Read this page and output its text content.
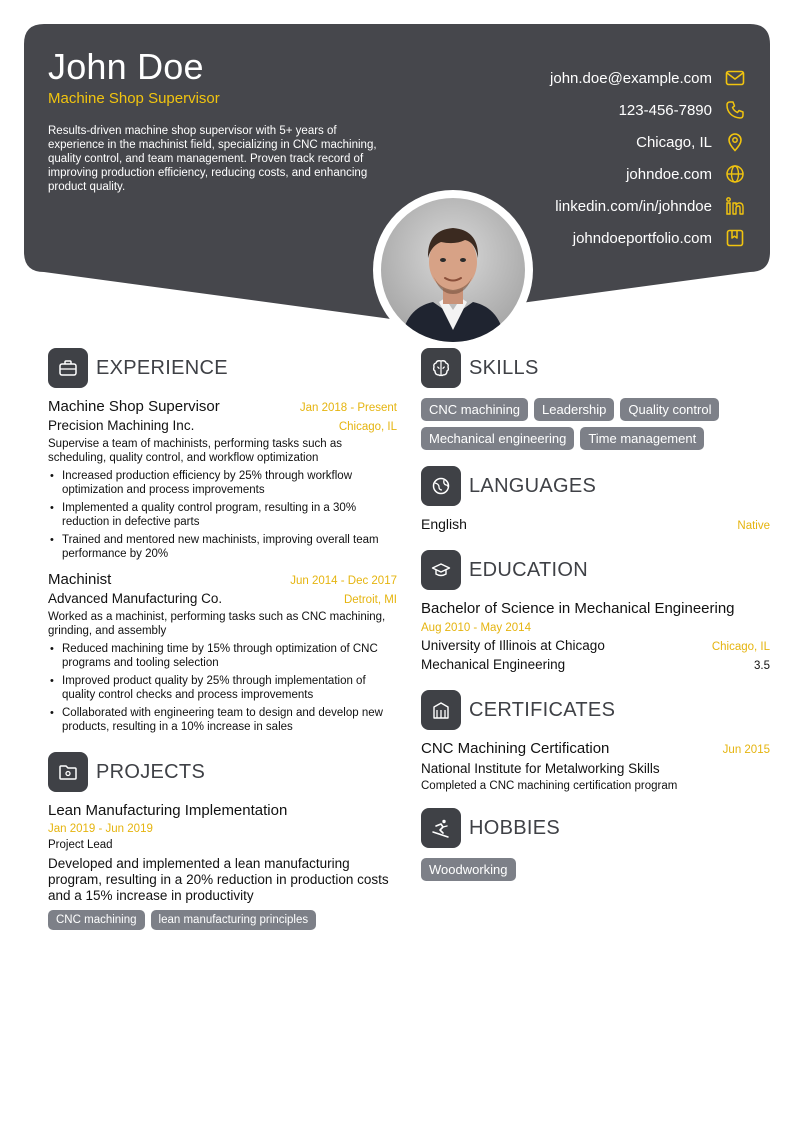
John Doe
Machine Shop Supervisor
Results-driven machine shop supervisor with 5+ years of experience in the machinist field, specializing in CNC machining, quality control, and team management. Proven track record of improving production efficiency, reducing costs, and enhancing product quality.
john.doe@example.com
123-456-7890
Chicago, IL
johndoe.com
linkedin.com/in/johndoe
johndoeportfolio.com
EXPERIENCE
Machine Shop Supervisor	Jan 2018 - Present
Precision Machining Inc.	Chicago, IL
Supervise a team of machinists, performing tasks such as scheduling, quality control, and workflow optimization
• Increased production efficiency by 25% through workflow optimization and process improvements
• Implemented a quality control program, resulting in a 30% reduction in defective parts
• Trained and mentored new machinists, improving overall team performance by 20%
Machinist	Jun 2014 - Dec 2017
Advanced Manufacturing Co.	Detroit, MI
Worked as a machinist, performing tasks such as CNC machining, grinding, and assembly
• Reduced machining time by 15% through optimization of CNC programs and tooling selection
• Improved product quality by 25% through implementation of quality control checks and process improvements
• Collaborated with engineering team to design and develop new products, resulting in a 10% increase in sales
PROJECTS
Lean Manufacturing Implementation
Jan 2019 - Jun 2019
Project Lead
Developed and implemented a lean manufacturing program, resulting in a 20% reduction in production costs and a 15% increase in productivity
CNC machining lean manufacturing principles
SKILLS
CNC machining Leadership Quality controlMechanical engineering Time management
LANGUAGES
English	Native
EDUCATION
Bachelor of Science in Mechanical Engineering
Aug 2010 - May 2014
University of Illinois at Chicago	Chicago, IL
Mechanical Engineering	3.5
CERTIFICATES
CNC Machining Certification	Jun 2015
National Institute for Metalworking Skills
Completed a CNC machining certification program
HOBBIES
Woodworking
